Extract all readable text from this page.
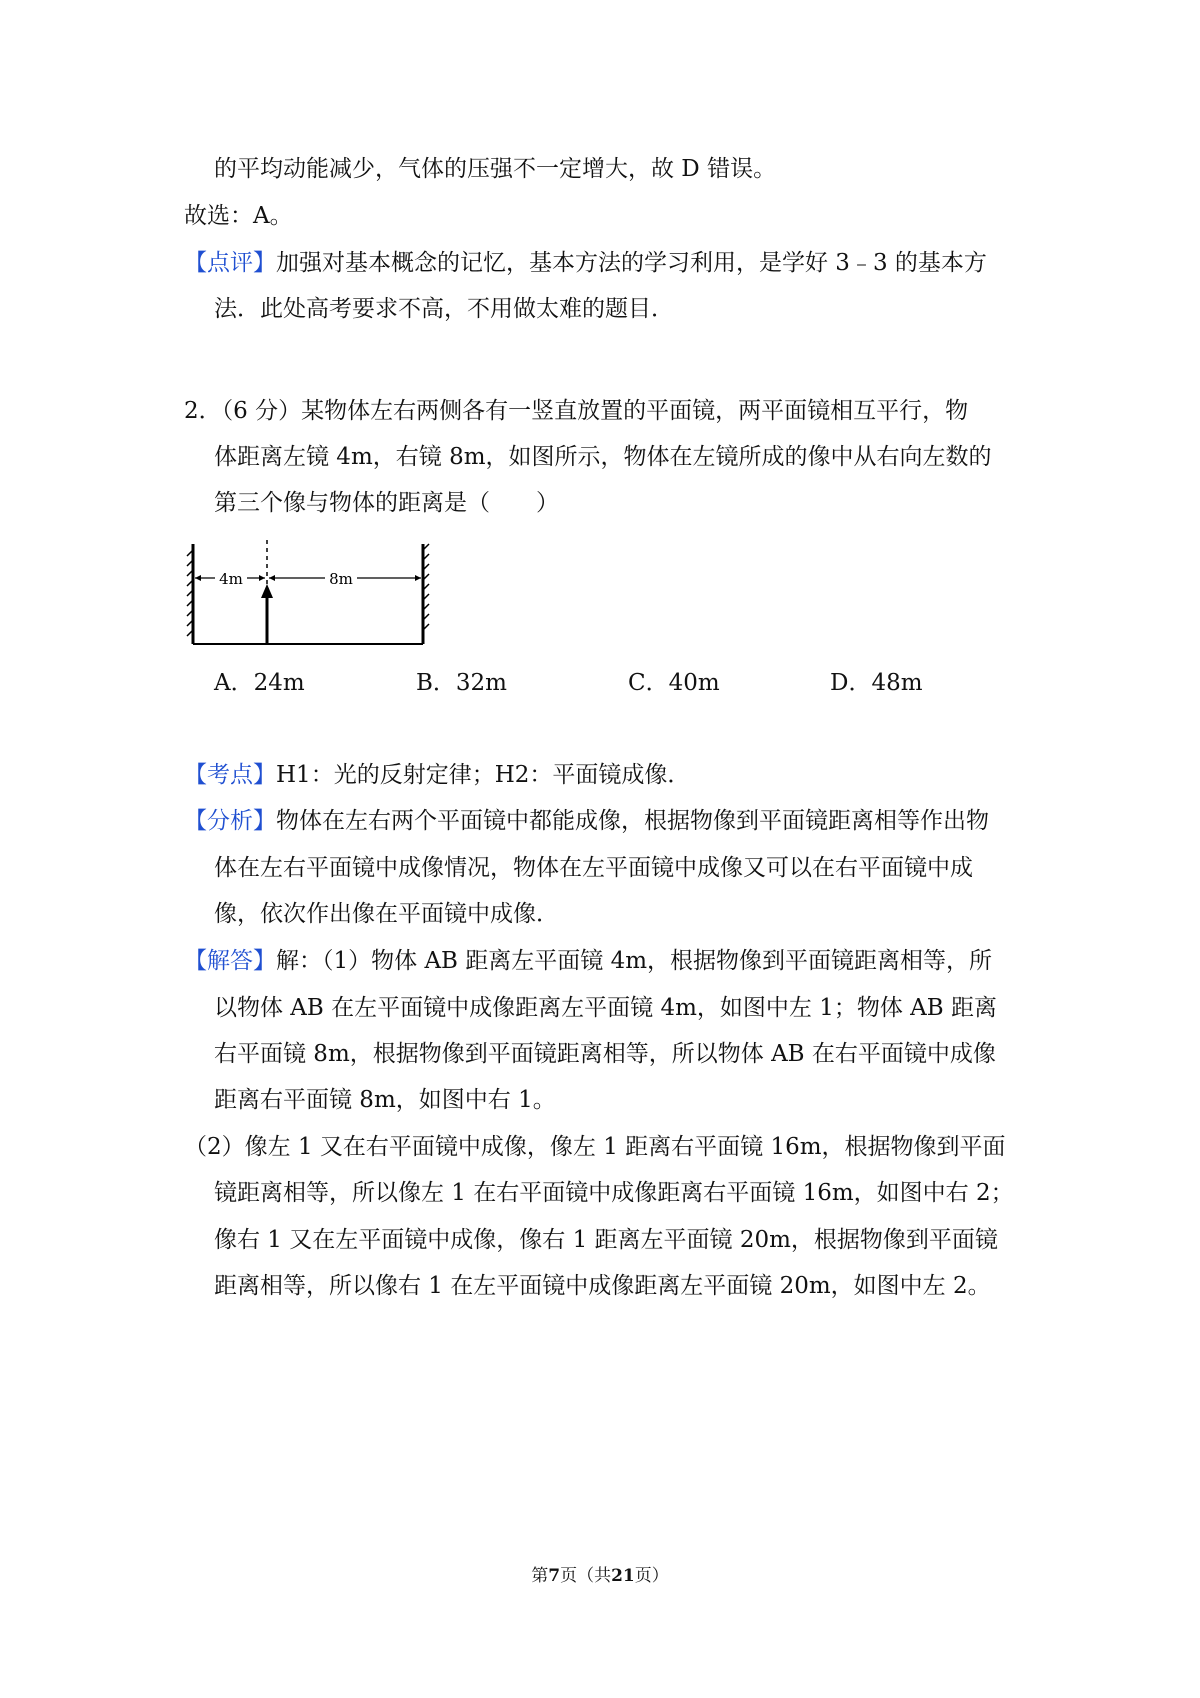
的平均动能减少，气体的压强不一定增大，故 D 错误。
故选：A。
【点评】加强对基本概念的记忆，基本方法的学习利用，是学好 3﹣3 的基本方
法．此处高考要求不高，不用做太难的题目．
2．（6 分）某物体左右两侧各有一竖直放置的平面镜，两平面镜相互平行，物
体距离左镜 4m，右镜 8m，如图所示，物体在左镜所成的像中从右向左数的
第三个像与物体的距离是（　　）
4m	8m
A．24m	B．32m	C．40m	D．48m
【考点】H1：光的反射定律；H2：平面镜成像．
【分析】物体在左右两个平面镜中都能成像，根据物像到平面镜距离相等作出物
体在左右平面镜中成像情况，物体在左平面镜中成像又可以在右平面镜中成
像，依次作出像在平面镜中成像．
【解答】解：（1）物体 AB 距离左平面镜 4m，根据物像到平面镜距离相等，所
以物体 AB 在左平面镜中成像距离左平面镜 4m，如图中左 1；物体 AB 距离
右平面镜 8m，根据物像到平面镜距离相等，所以物体 AB 在右平面镜中成像
距离右平面镜 8m，如图中右 1。
（2）像左 1 又在右平面镜中成像，像左 1 距离右平面镜 16m，根据物像到平面
镜距离相等，所以像左 1 在右平面镜中成像距离右平面镜 16m，如图中右 2；
像右 1 又在左平面镜中成像，像右 1 距离左平面镜 20m，根据物像到平面镜
距离相等，所以像右 1 在左平面镜中成像距离左平面镜 20m，如图中左 2。
第7页（共21页）
